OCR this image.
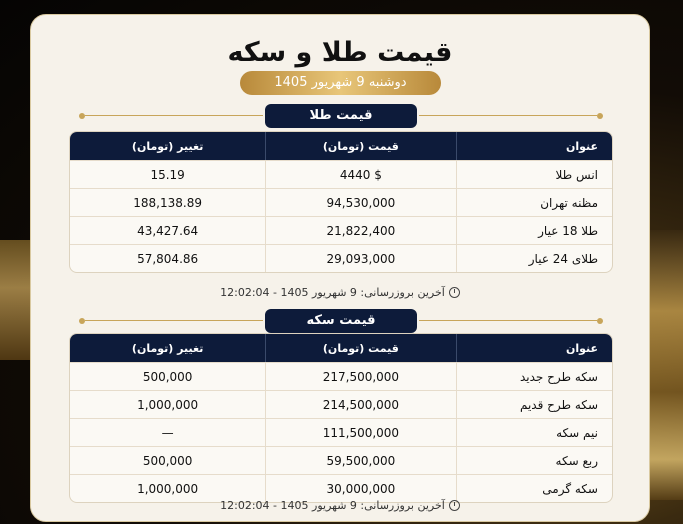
قیمت طلا و سکه
دوشنبه 9 شهریور 1405
قیمت طلا
عنوان
قیمت (تومان)
تغییر (تومان)
انس طلا
4440 $
15.19
مظنه تهران
94,530,000
188,138.89
طلا 18 عیار
21,822,400
43,427.64
طلای 24 عیار
29,093,000
57,804.86
آخرین بروزرسانی: 9 شهریور 1405 - 12:02:04
قیمت سکه
عنوان
قیمت (تومان)
تغییر (تومان)
سکه طرح جدید
217,500,000
500,000
سکه طرح قدیم
214,500,000
1,000,000
نیم سکه
111,500,000
—
ربع سکه
59,500,000
500,000
سکه گرمی
30,000,000
1,000,000
آخرین بروزرسانی: 9 شهریور 1405 - 12:02:04
